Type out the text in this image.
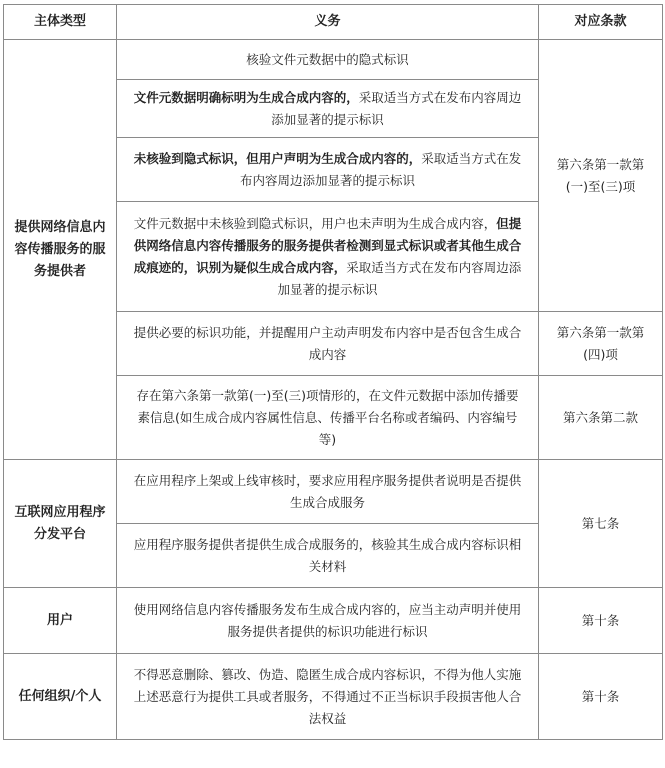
主体类型	义务	对应条款
提供网络信息内容传播服务的服务提供者	核验文件元数据中的隐式标识	第六条第一款第(一)至(三)项
	文件元数据明确标明为生成合成内容的，采取适当方式在发布内容周边添加显著的提示标识	
	未核验到隐式标识，但用户声明为生成合成内容的，采取适当方式在发布内容周边添加显著的提示标识	
	文件元数据中未核验到隐式标识，用户也未声明为生成合成内容，但提供网络信息内容传播服务的服务提供者检测到显式标识或者其他生成合成痕迹的，识别为疑似生成合成内容，采取适当方式在发布内容周边添加显著的提示标识	
	提供必要的标识功能，并提醒用户主动声明发布内容中是否包含生成合成内容	第六条第一款第(四)项
	存在第六条第一款第(一)至(三)项情形的，在文件元数据中添加传播要素信息(如生成合成内容属性信息、传播平台名称或者编码、内容编号等)	第六条第二款
互联网应用程序分发平台	在应用程序上架或上线审核时，要求应用程序服务提供者说明是否提供生成合成服务	第七条
	应用程序服务提供者提供生成合成服务的，核验其生成合成内容标识相关材料	
用户	使用网络信息内容传播服务发布生成合成内容的，应当主动声明并使用服务提供者提供的标识功能进行标识	第十条
任何组织/个人	不得恶意删除、篡改、伪造、隐匿生成合成内容标识，不得为他人实施上述恶意行为提供工具或者服务，不得通过不正当标识手段损害他人合法权益	第十条
